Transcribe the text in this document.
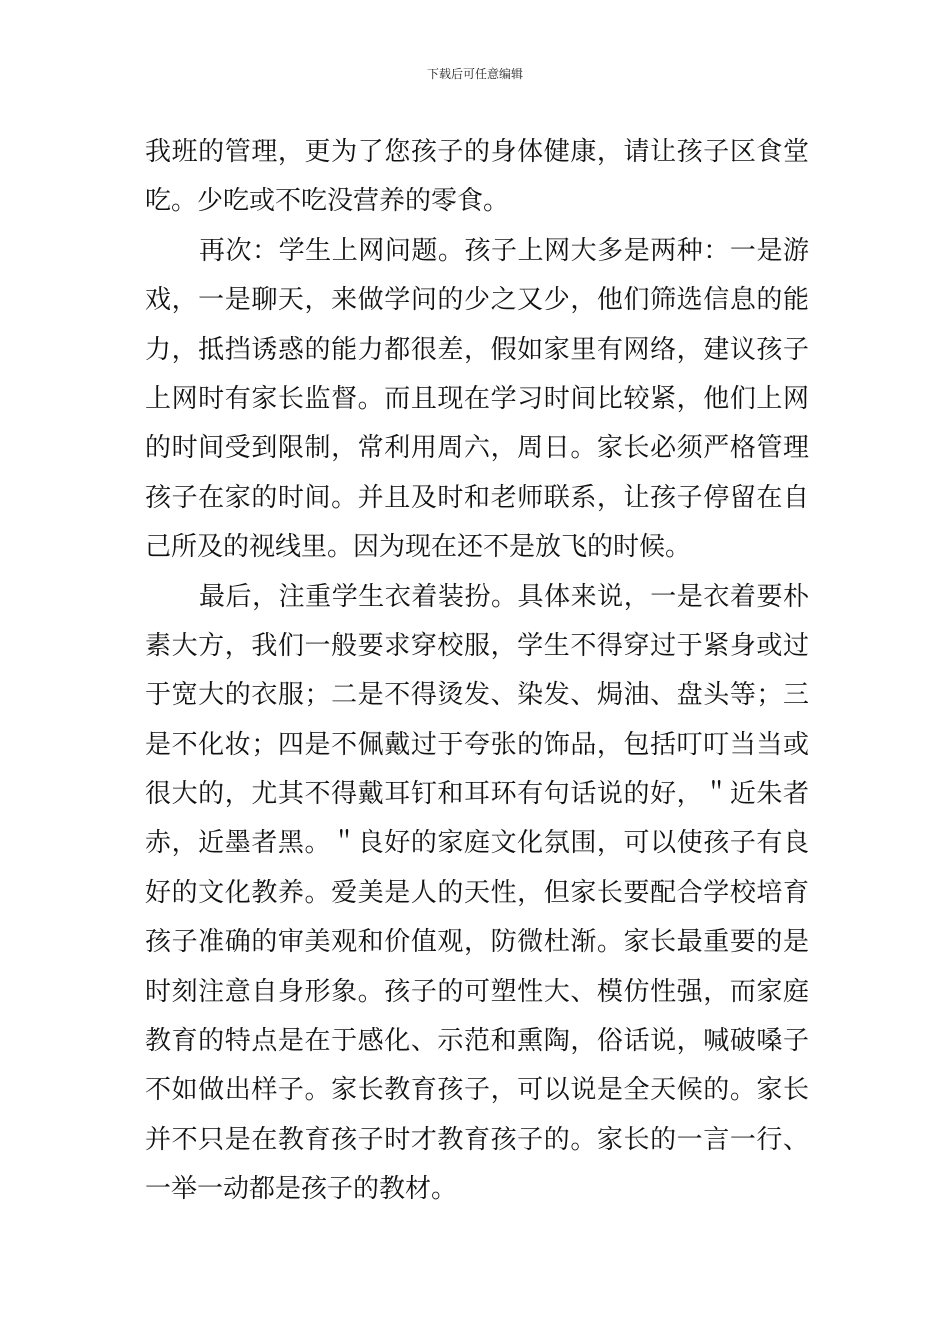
下载后可任意编辑
我班的管理，更为了您孩子的身体健康，请让孩子区食堂
吃。少吃或不吃没营养的零食。
再次：学生上网问题。孩子上网大多是两种：一是游
戏，一是聊天，来做学问的少之又少，他们筛选信息的能
力，抵挡诱惑的能力都很差，假如家里有网络，建议孩子
上网时有家长监督。而且现在学习时间比较紧，他们上网
的时间受到限制，常利用周六，周日。家长必须严格管理
孩子在家的时间。并且及时和老师联系，让孩子停留在自
己所及的视线里。因为现在还不是放飞的时候。
最后，注重学生衣着装扮。具体来说，一是衣着要朴
素大方，我们一般要求穿校服，学生不得穿过于紧身或过
于宽大的衣服；二是不得烫发、染发、焗油、盘头等；三
是不化妆；四是不佩戴过于夸张的饰品，包括叮叮当当或
很大的，尤其不得戴耳钉和耳环有句话说的好，＂近朱者
赤，近墨者黑。＂良好的家庭文化氛围，可以使孩子有良
好的文化教养。爱美是人的天性，但家长要配合学校培育
孩子准确的审美观和价值观，防微杜渐。家长最重要的是
时刻注意自身形象。孩子的可塑性大、模仿性强，而家庭
教育的特点是在于感化、示范和熏陶，俗话说，喊破嗓子
不如做出样子。家长教育孩子，可以说是全天候的。家长
并不只是在教育孩子时才教育孩子的。家长的一言一行、
一举一动都是孩子的教材。
